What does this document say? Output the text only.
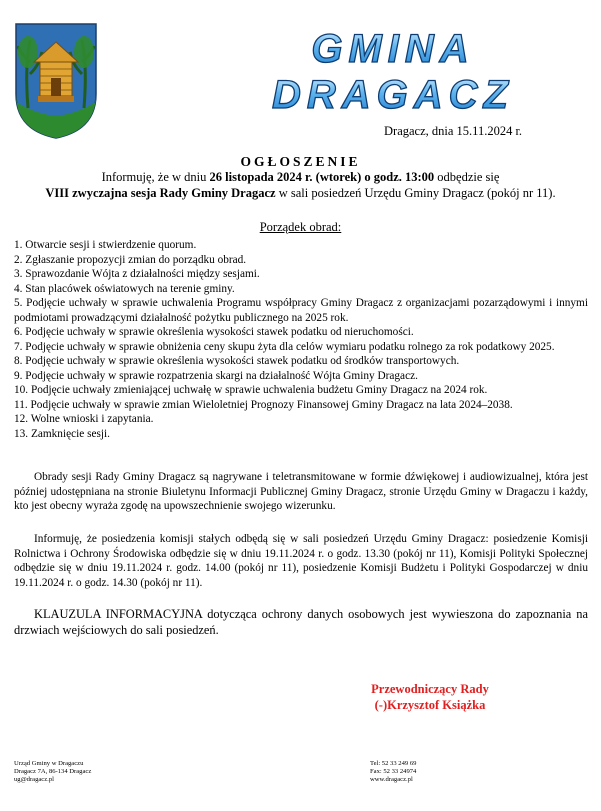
GMINA
DRAGACZ
Dragacz, dnia 15.11.2024 r.
OGŁOSZENIE
Informuję, że w dniu 26 listopada 2024 r. (wtorek) o godz. 13:00 odbędzie się
VIII zwyczajna sesja Rady Gminy Dragacz w sali posiedzeń Urzędu Gminy Dragacz (pokój nr 11).
Porządek obrad:
1. Otwarcie sesji i stwierdzenie quorum.
2. Zgłaszanie propozycji zmian do porządku obrad.
3. Sprawozdanie Wójta z działalności między sesjami.
4. Stan placówek oświatowych na terenie gminy.
5. Podjęcie uchwały w sprawie uchwalenia Programu współpracy Gminy Dragacz z organizacjami pozarządowymi i innymi podmiotami prowadzącymi działalność pożytku publicznego na 2025 rok.
6. Podjęcie uchwały w sprawie określenia wysokości stawek podatku od nieruchomości.
7. Podjęcie uchwały w sprawie obniżenia ceny skupu żyta dla celów wymiaru podatku rolnego za rok podatkowy 2025.
8. Podjęcie uchwały w sprawie określenia wysokości stawek podatku od środków transportowych.
9. Podjęcie uchwały w sprawie rozpatrzenia skargi na działalność Wójta Gminy Dragacz.
10. Podjęcie uchwały zmieniającej uchwałę w sprawie uchwalenia budżetu Gminy Dragacz na 2024 rok.
11. Podjęcie uchwały w sprawie zmian Wieloletniej Prognozy Finansowej Gminy Dragacz na lata 2024–2038.
12. Wolne wnioski i zapytania.
13. Zamknięcie sesji.

Obrady sesji Rady Gminy Dragacz są nagrywane i teletransmitowane w formie dźwiękowej i audiowizualnej, która jest później udostępniana na stronie Biuletynu Informacji Publicznej Gminy Dragacz, stronie Urzędu Gminy w Dragaczu i każdy, kto jest obecny wyraża zgodę na upowszechnienie swojego wizerunku.

Informuję, że posiedzenia komisji stałych odbędą się w sali posiedzeń Urzędu Gminy Dragacz: posiedzenie Komisji Rolnictwa i Ochrony Środowiska odbędzie się w dniu 19.11.2024 r. o godz. 13.30 (pokój nr 11), Komisji Polityki Społecznej odbędzie się w dniu 19.11.2024 r. godz. 14.00 (pokój nr 11), posiedzenie Komisji Budżetu i Polityki Gospodarczej w dniu 19.11.2024 r. o godz. 14.30 (pokój nr 11).

KLAUZULA INFORMACYJNA dotycząca ochrony danych osobowych jest wywieszona do zapoznania na drzwiach wejściowych do sali posiedzeń.

Przewodniczący Rady
(-)Krzysztof Książka
Urząd Gminy w Dragaczu
Dragacz 7A, 86-134 Dragacz
ug@dragacz.pl
Tel: 52 33 249 69
Fax: 52 33 24974
www.dragacz.pl
